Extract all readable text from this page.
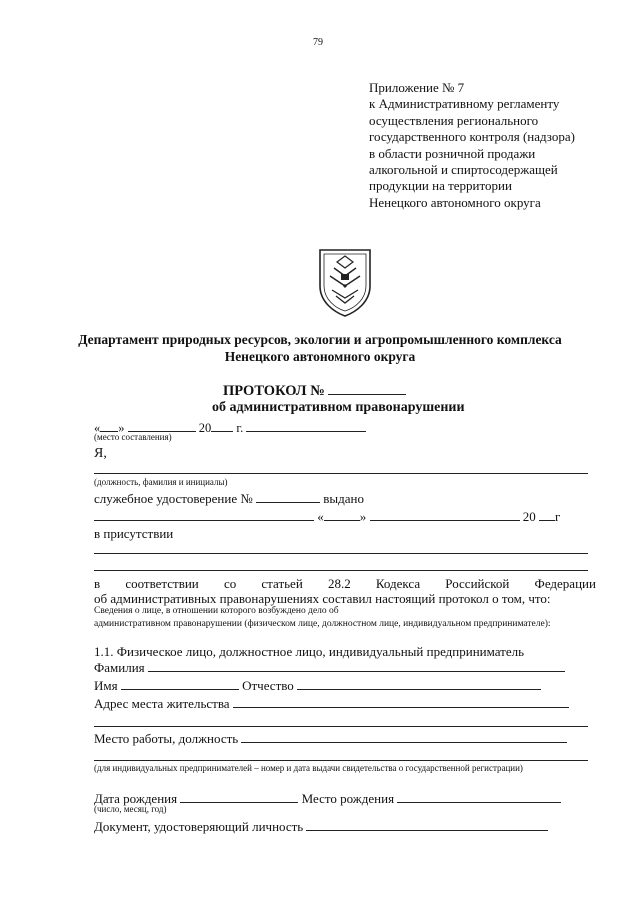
79
Приложение № 7
к Административному регламенту
осуществления регионального
государственного контроля (надзора)
в области розничной продажи
алкогольной и спиртосодержащей
продукции на территории
Ненецкого автономного округа
Департамент природных ресурсов, экологии и агропромышленного комплекса Ненецкого автономного округа
ПРОТОКОЛ №
об административном правонарушении
« »	20 г.
(место составления)
Я,
(должность, фамилия и инициалы)
служебное удостоверение №	выдано
«	»	20 г
в присутствии
в соответствии со статьей 28.2 Кодекса Российской Федерации
об административных правонарушениях составил настоящий протокол о том, что:
Сведения о лице, в отношении которого возбуждено дело об
административном правонарушении (физическом лице, должностном лице, индивидуальном предпринимателе):
1.1. Физическое лицо, должностное лицо, индивидуальный предприниматель
Фамилия
Имя	Отчество
Адрес места жительства
Место работы, должность
(для индивидуальных предпринимателей – номер и дата выдачи свидетельства о государственной регистрации)
Дата рождения	Место рождения
(число, месяц, год)
Документ, удостоверяющий личность
